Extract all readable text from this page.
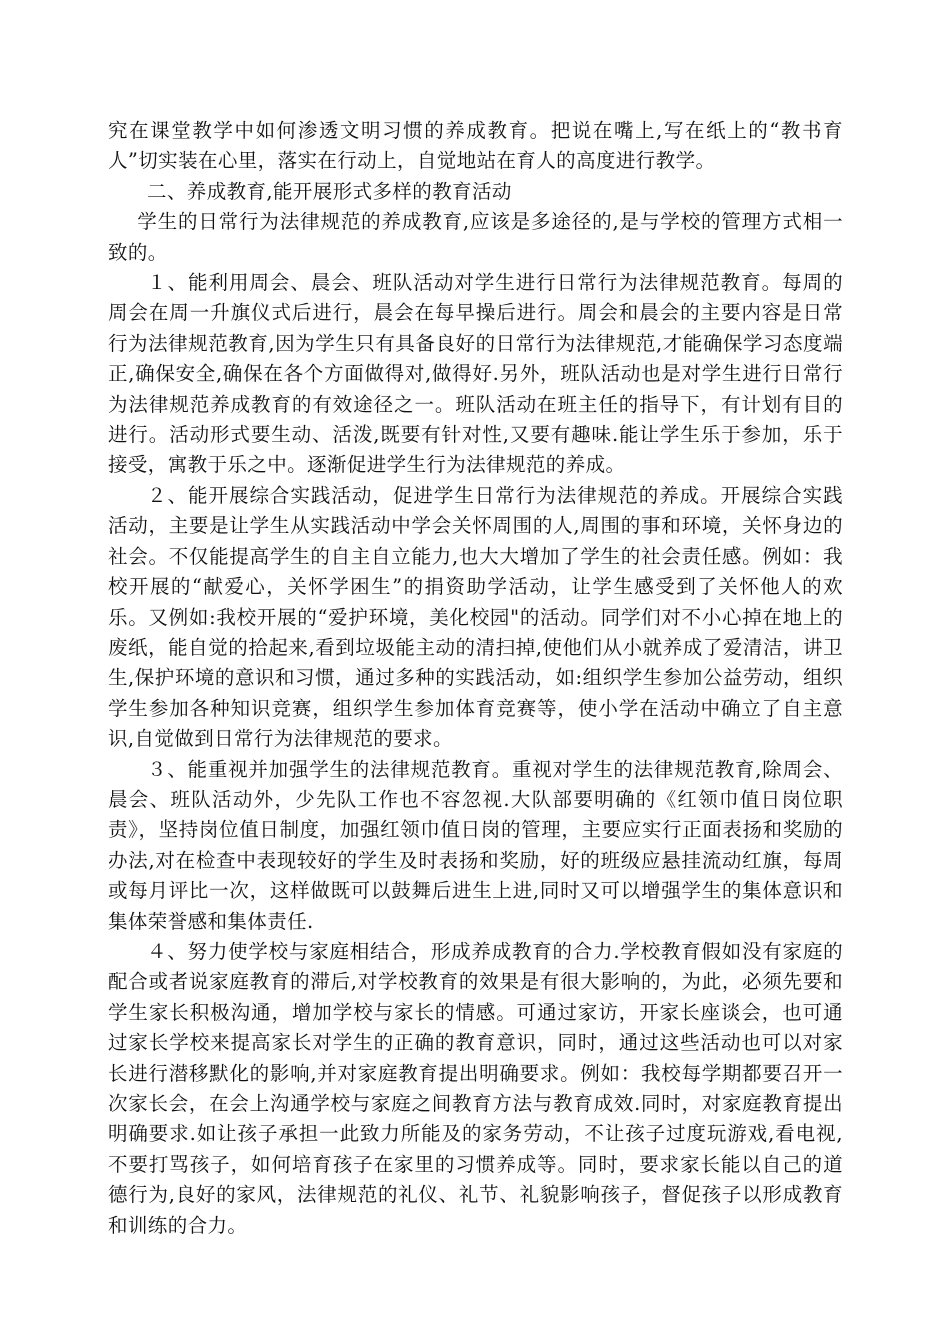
究在课堂教学中如何渗透文明习惯的养成教育。把说在嘴上,写在纸上的“教书育人”切实装在心里，落实在行动上，自觉地站在育人的高度进行教学。

二、养成教育,能开展形式多样的教育活动

学生的日常行为法律规范的养成教育,应该是多途径的,是与学校的管理方式相一致的。

１、能利用周会、晨会、班队活动对学生进行日常行为法律规范教育。每周的周会在周一升旗仪式后进行，晨会在每早操后进行。周会和晨会的主要内容是日常行为法律规范教育,因为学生只有具备良好的日常行为法律规范,才能确保学习态度端正,确保安全,确保在各个方面做得对,做得好.另外，班队活动也是对学生进行日常行为法律规范养成教育的有效途径之一。班队活动在班主任的指导下，有计划有目的进行。活动形式要生动、活泼,既要有针对性,又要有趣味.能让学生乐于参加，乐于接受，寓教于乐之中。逐渐促进学生行为法律规范的养成。

２、能开展综合实践活动，促进学生日常行为法律规范的养成。开展综合实践活动，主要是让学生从实践活动中学会关怀周围的人,周围的事和环境，关怀身边的社会。不仅能提高学生的自主自立能力,也大大增加了学生的社会责任感。例如：我校开展的“献爱心，关怀学困生”的捐资助学活动，让学生感受到了关怀他人的欢乐。又例如:我校开展的“爱护环境，美化校园"的活动。同学们对不小心掉在地上的废纸，能自觉的拾起来,看到垃圾能主动的清扫掉,使他们从小就养成了爱清洁，讲卫生,保护环境的意识和习惯，通过多种的实践活动，如:组织学生参加公益劳动，组织学生参加各种知识竞赛，组织学生参加体育竞赛等，使小学在活动中确立了自主意识,自觉做到日常行为法律规范的要求。

３、能重视并加强学生的法律规范教育。重视对学生的法律规范教育,除周会、晨会、班队活动外，少先队工作也不容忽视.大队部要明确的《红领巾值日岗位职责》，坚持岗位值日制度，加强红领巾值日岗的管理，主要应实行正面表扬和奖励的办法,对在检查中表现较好的学生及时表扬和奖励，好的班级应悬挂流动红旗，每周或每月评比一次，这样做既可以鼓舞后进生上进,同时又可以增强学生的集体意识和集体荣誉感和集体责任.

４、努力使学校与家庭相结合，形成养成教育的合力.学校教育假如没有家庭的配合或者说家庭教育的滞后,对学校教育的效果是有很大影响的，为此，必须先要和学生家长积极沟通，增加学校与家长的情感。可通过家访，开家长座谈会，也可通过家长学校来提高家长对学生的正确的教育意识，同时，通过这些活动也可以对家长进行潜移默化的影响,并对家庭教育提出明确要求。例如：我校每学期都要召开一次家长会，在会上沟通学校与家庭之间教育方法与教育成效.同时，对家庭教育提出明确要求.如让孩子承担一此致力所能及的家务劳动，不让孩子过度玩游戏,看电视,不要打骂孩子，如何培育孩子在家里的习惯养成等。同时，要求家长能以自己的道德行为,良好的家风，法律规范的礼仪、礼节、礼貌影响孩子，督促孩子以形成教育和训练的合力。
